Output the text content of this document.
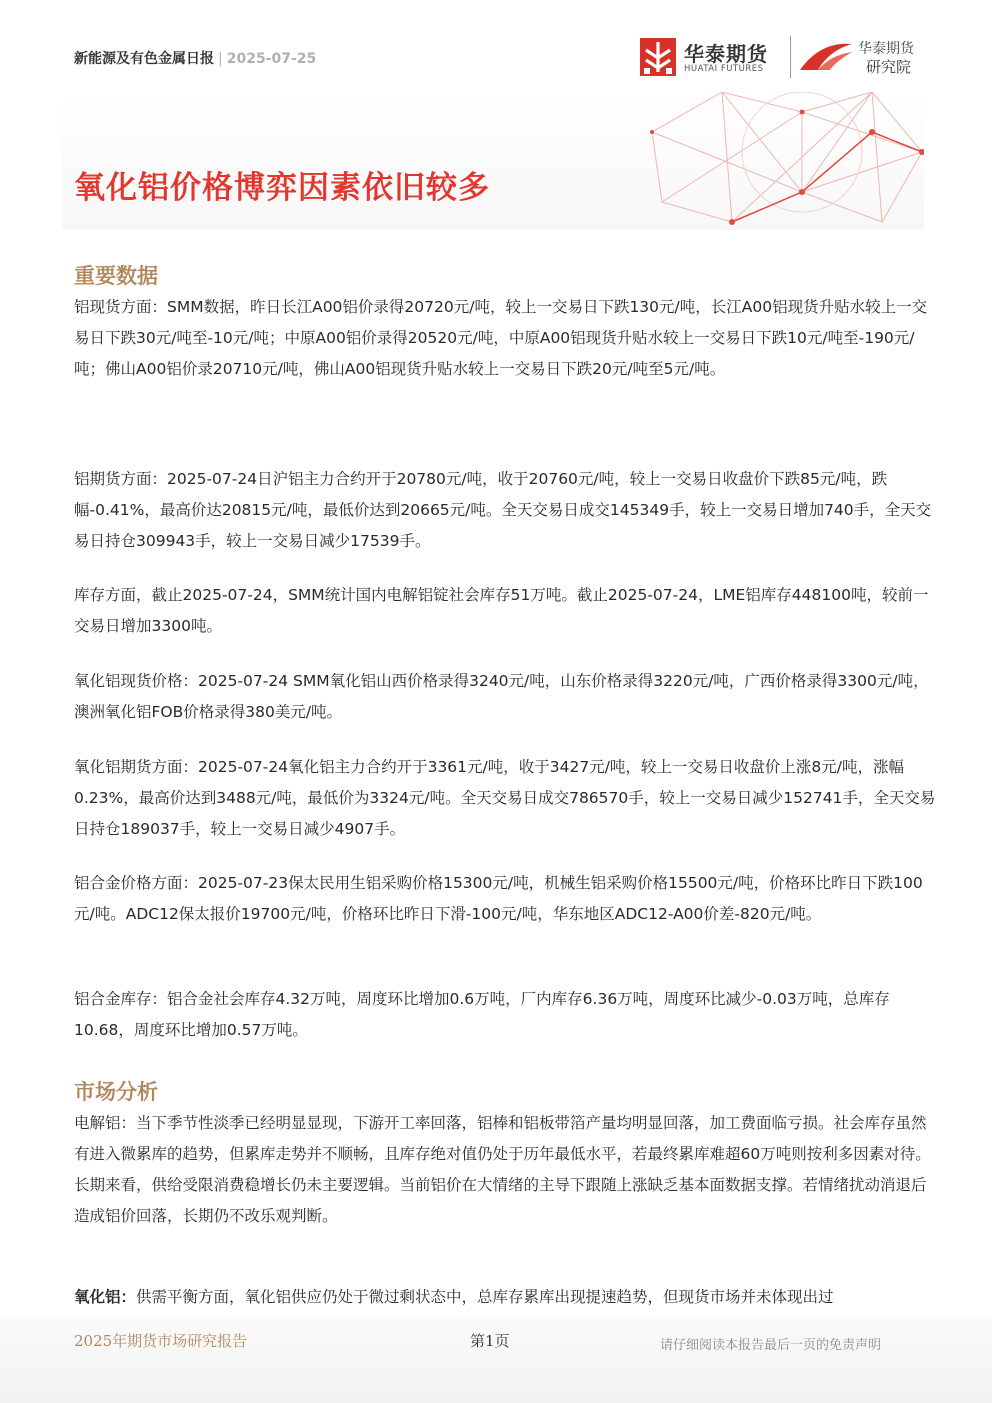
新能源及有色金属日报 | 2025-07-25	华泰期货
HUATAI FUTURES
华泰期货
研究院
氧化铝价格博弈因素依旧较多
重要数据
铝现货方面：SMM数据，昨日长江A00铝价录得20720元/吨，较上一交易日下跌130元/吨，长江A00铝现货升贴水较上一交易日下跌30元/吨至-10元/吨；中原A00铝价录得20520元/吨，中原A00铝现货升贴水较上一交易日下跌10元/吨至-190元/吨；佛山A00铝价录20710元/吨，佛山A00铝现货升贴水较上一交易日下跌20元/吨至5元/吨。
铝期货方面：2025-07-24日沪铝主力合约开于20780元/吨，收于20760元/吨，较上一交易日收盘价下跌85元/吨，跌幅-0.41%，最高价达20815元/吨，最低价达到20665元/吨。全天交易日成交145349手，较上一交易日增加740手，全天交易日持仓309943手，较上一交易日减少17539手。
库存方面，截止2025-07-24，SMM统计国内电解铝锭社会库存51万吨。截止2025-07-24，LME铝库存448100吨，较前一交易日增加3300吨。
氧化铝现货价格：2025-07-24 SMM氧化铝山西价格录得3240元/吨，山东价格录得3220元/吨，广西价格录得3300元/吨，澳洲氧化铝FOB价格录得380美元/吨。
氧化铝期货方面：2025-07-24氧化铝主力合约开于3361元/吨，收于3427元/吨，较上一交易日收盘价上涨8元/吨，涨幅0.23%，最高价达到3488元/吨，最低价为3324元/吨。全天交易日成交786570手，较上一交易日减少152741手，全天交易日持仓189037手，较上一交易日减少4907手。
铝合金价格方面：2025-07-23保太民用生铝采购价格15300元/吨，机械生铝采购价格15500元/吨，价格环比昨日下跌100元/吨。ADC12保太报价19700元/吨，价格环比昨日下滑-100元/吨，华东地区ADC12-A00价差-820元/吨。
铝合金库存：铝合金社会库存4.32万吨，周度环比增加0.6万吨，厂内库存6.36万吨，周度环比减少-0.03万吨，总库存10.68，周度环比增加0.57万吨。
市场分析
电解铝：当下季节性淡季已经明显显现，下游开工率回落，铝棒和铝板带箔产量均明显回落，加工费面临亏损。社会库存虽然有进入微累库的趋势，但累库走势并不顺畅，且库存绝对值仍处于历年最低水平，若最终累库难超60万吨则按利多因素对待。长期来看，供给受限消费稳增长仍未主要逻辑。当前铝价在大情绪的主导下跟随上涨缺乏基本面数据支撑。若情绪扰动消退后造成铝价回落，长期仍不改乐观判断。
氧化铝：供需平衡方面，氧化铝供应仍处于微过剩状态中，总库存累库出现提速趋势，但现货市场并未体现出过
2025年期货市场研究报告	第1页	请仔细阅读本报告最后一页的免责声明
